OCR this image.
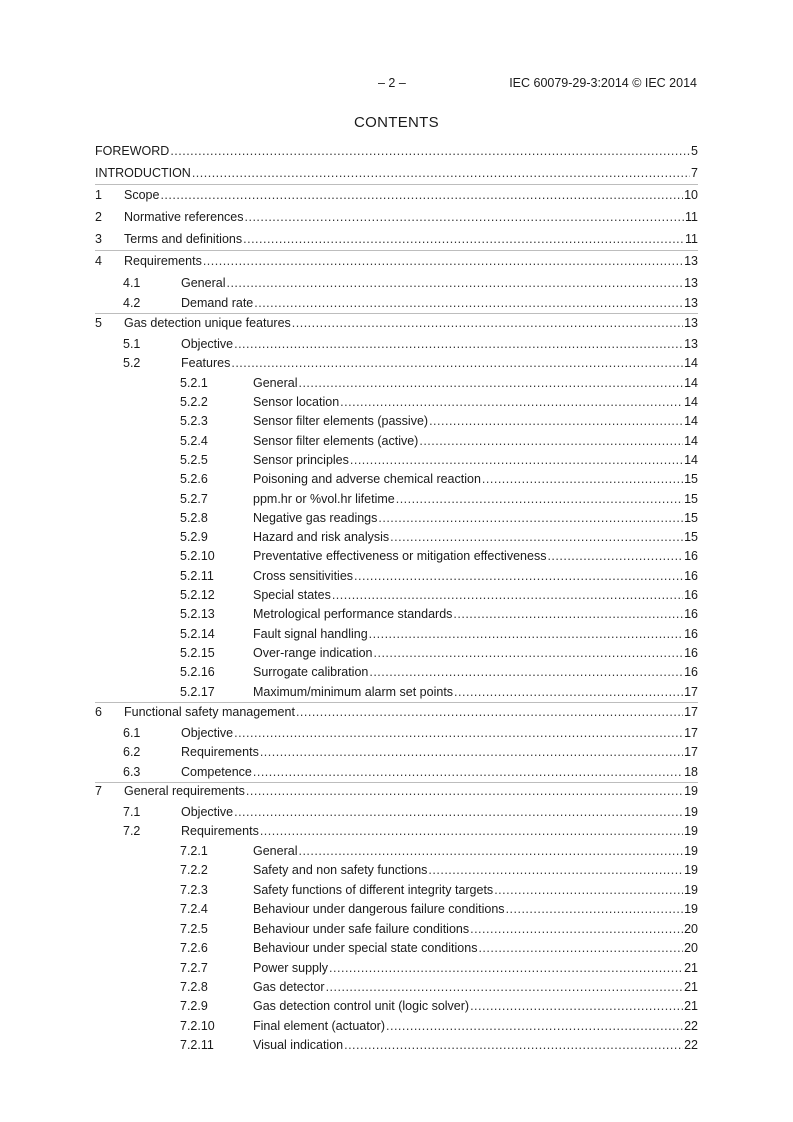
– 2 –	IEC 60079-29-3:2014 © IEC 2014
CONTENTS
FOREWORD .....	5
INTRODUCTION .....	7
1	Scope .....	10
2	Normative references .....	11
3	Terms and definitions .....	11
4	Requirements .....	13
4.1	General .....	13
4.2	Demand rate .....	13
5	Gas detection unique features .....	13
5.1	Objective .....	13
5.2	Features .....	14
5.2.1	General .....	14
5.2.2	Sensor location .....	14
5.2.3	Sensor filter elements (passive) .....	14
5.2.4	Sensor filter elements (active) .....	14
5.2.5	Sensor principles .....	14
5.2.6	Poisoning and adverse chemical reaction .....	15
5.2.7	ppm.hr or %vol.hr lifetime .....	15
5.2.8	Negative gas readings .....	15
5.2.9	Hazard and risk analysis .....	15
5.2.10	Preventative effectiveness or mitigation effectiveness .....	16
5.2.11	Cross sensitivities .....	16
5.2.12	Special states .....	16
5.2.13	Metrological performance standards .....	16
5.2.14	Fault signal handling .....	16
5.2.15	Over-range indication .....	16
5.2.16	Surrogate calibration .....	16
5.2.17	Maximum/minimum alarm set points .....	17
6	Functional safety management .....	17
6.1	Objective .....	17
6.2	Requirements .....	17
6.3	Competence .....	18
7	General requirements .....	19
7.1	Objective .....	19
7.2	Requirements .....	19
7.2.1	General .....	19
7.2.2	Safety and non safety functions .....	19
7.2.3	Safety functions of different integrity targets .....	19
7.2.4	Behaviour under dangerous failure conditions .....	19
7.2.5	Behaviour under safe failure conditions .....	20
7.2.6	Behaviour under special state conditions .....	20
7.2.7	Power supply .....	21
7.2.8	Gas detector .....	21
7.2.9	Gas detection control unit (logic solver) .....	21
7.2.10	Final element (actuator) .....	22
7.2.11	Visual indication .....	22
